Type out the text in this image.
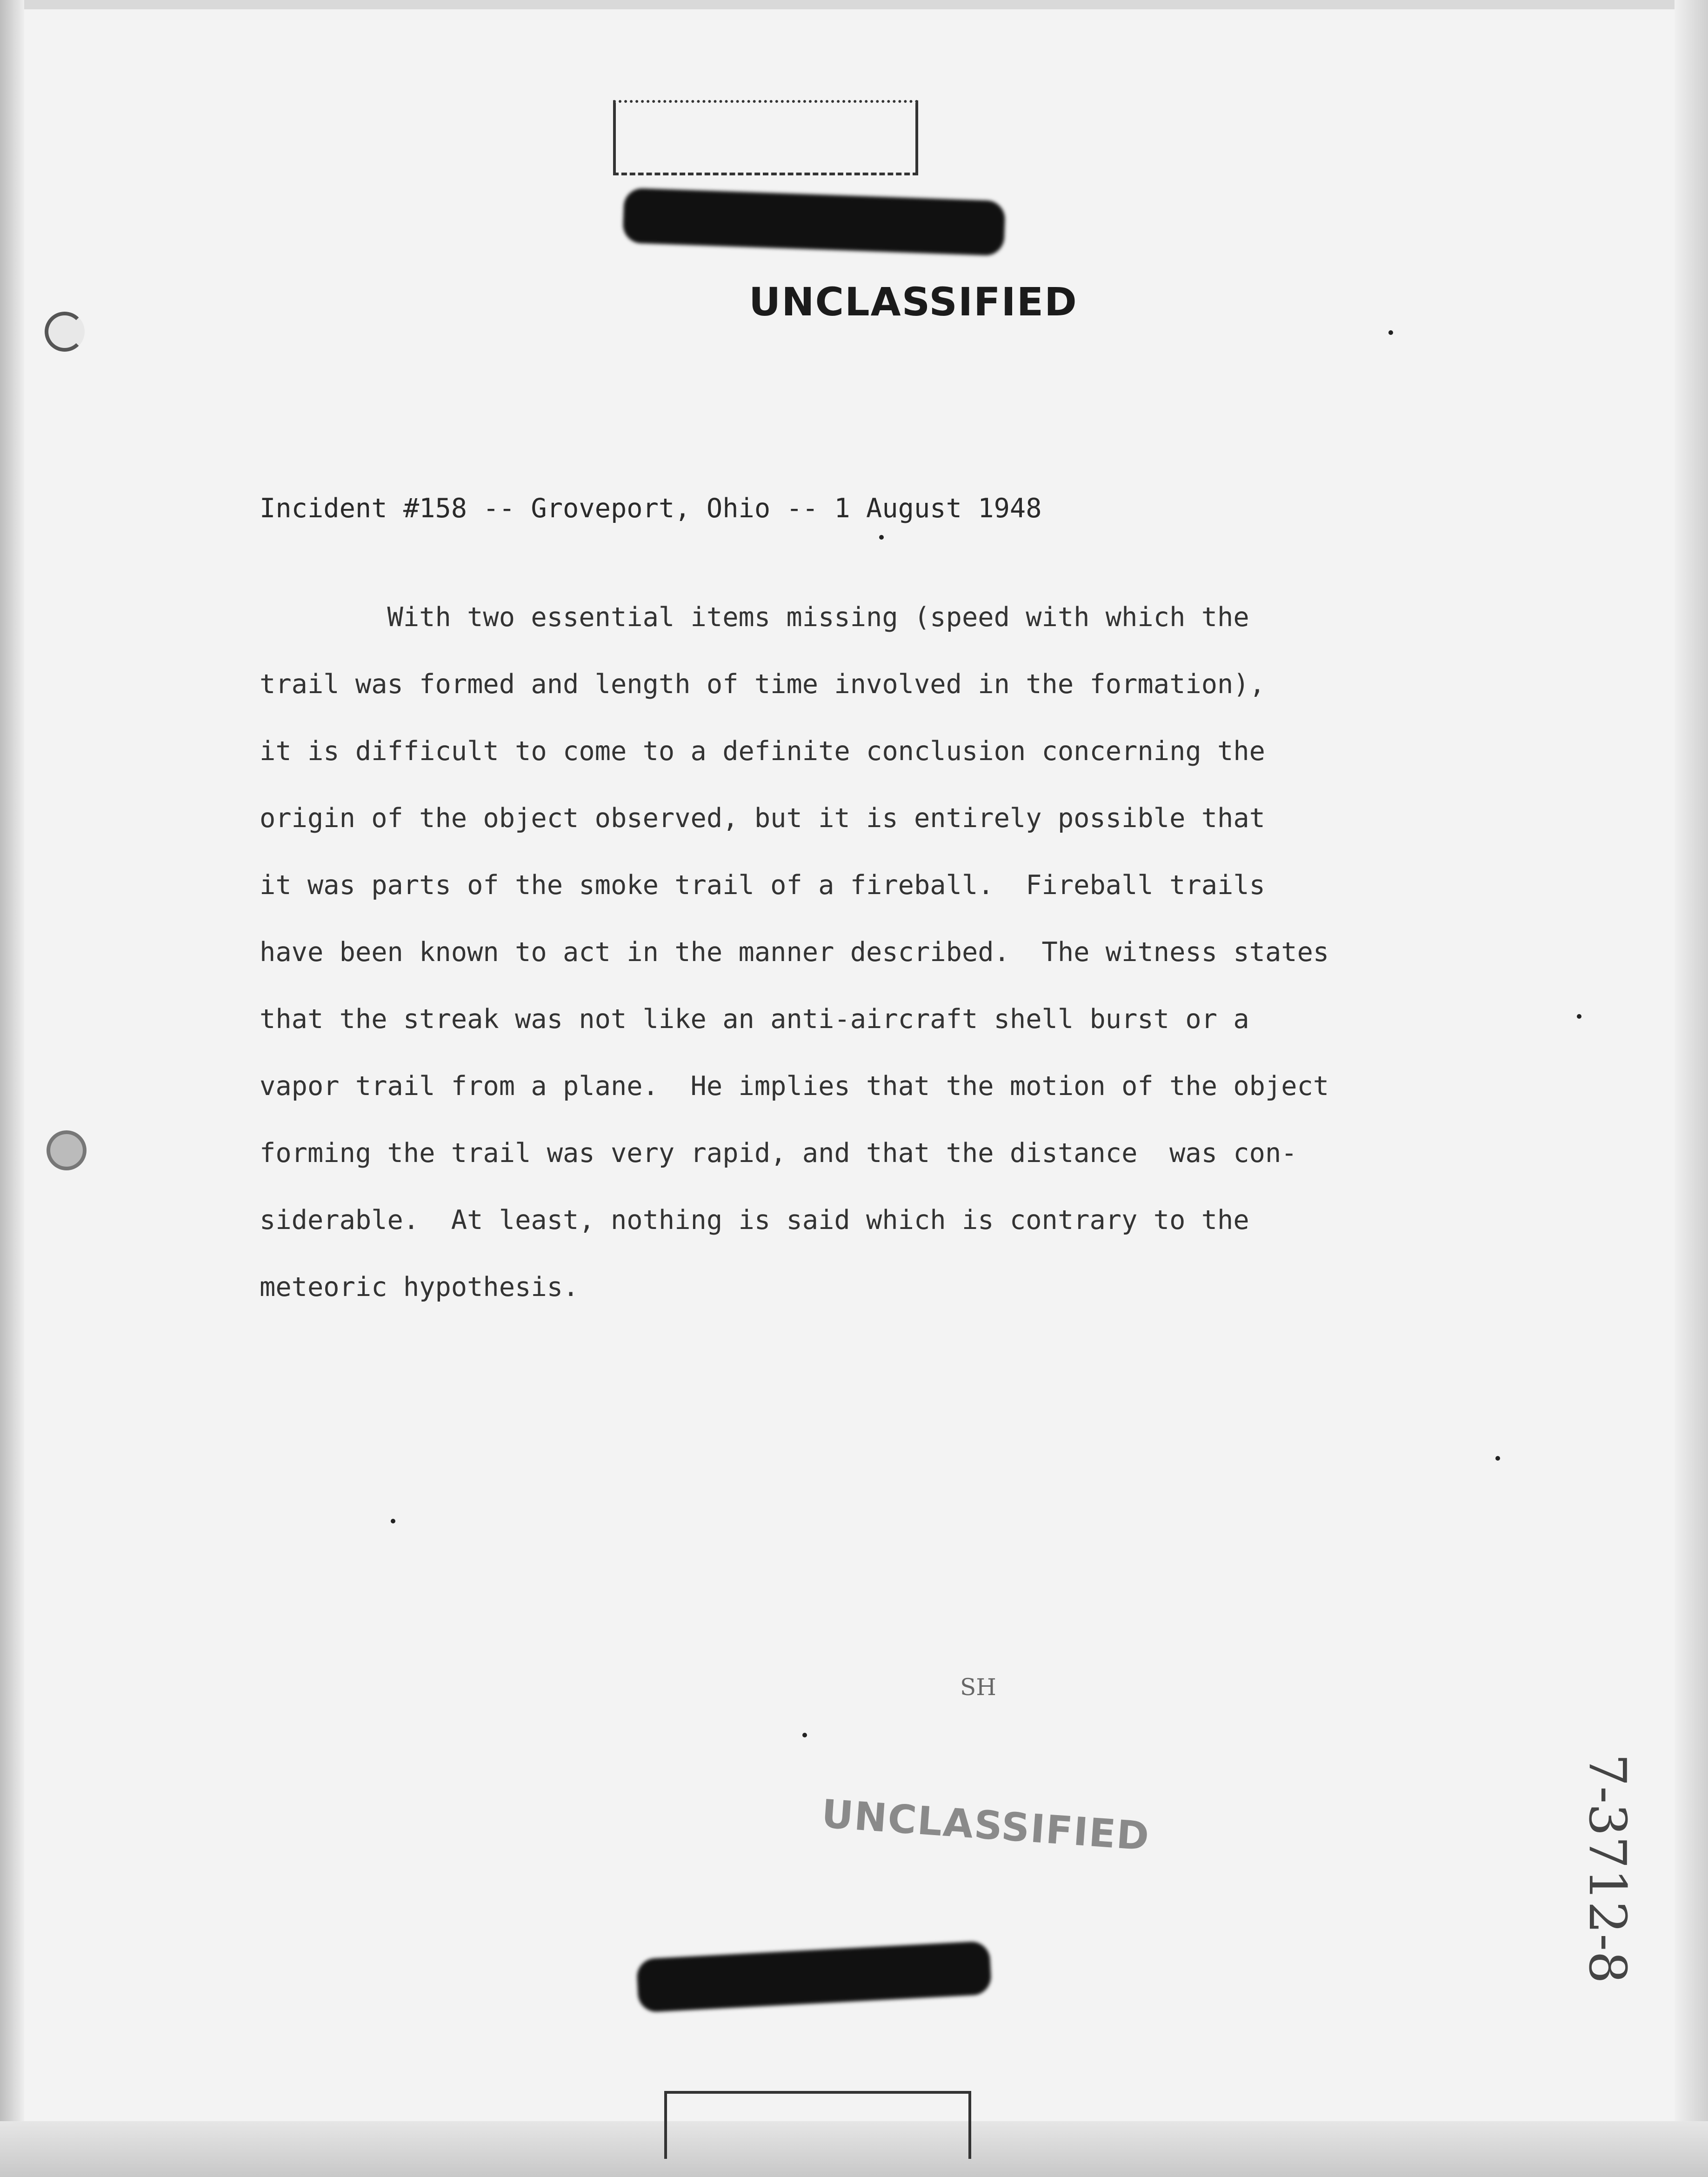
UNCLASSIFIED
Incident #158 -- Groveport, Ohio -- 1 August 1948
With two essential items missing (speed with which the
trail was formed and length of time involved in the formation),
it is difficult to come to a definite conclusion concerning the
origin of the object observed, but it is entirely possible that
it was parts of the smoke trail of a fireball.  Fireball trails
have been known to act in the manner described.  The witness states
that the streak was not like an anti-aircraft shell burst or a
vapor trail from a plane.  He implies that the motion of the object
forming the trail was very rapid, and that the distance  was con-
siderable.  At least, nothing is said which is contrary to the
meteoric hypothesis.
SH
UNCLASSIFIED	7-3712-8
